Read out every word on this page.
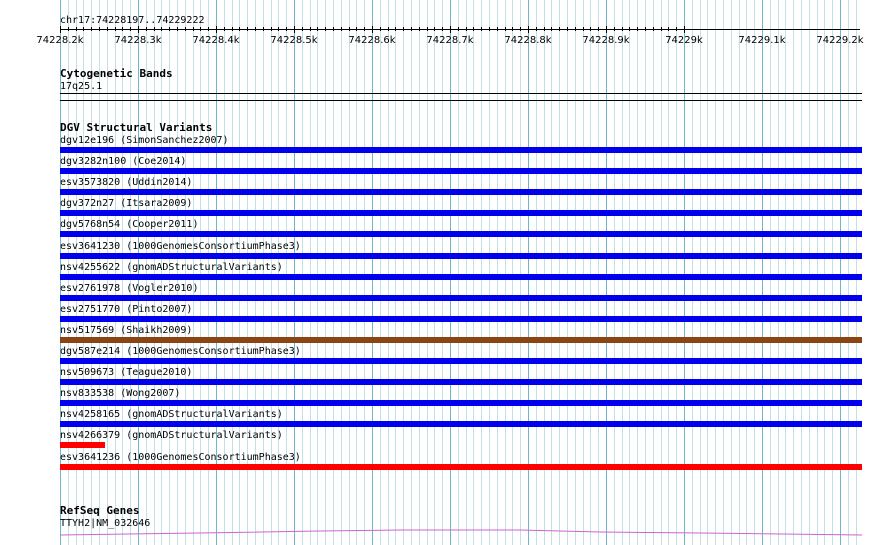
chr17:74228197..74229222
74228.2k	74228.3k	74228.4k	74228.5k	74228.6k	74228.7k	74228.8k	74228.9k	74229k	74229.1k	74229.2k
Cytogenetic Bands
17q25.1
DGV Structural Variants
dgv12e196 (SimonSanchez2007)
dgv3282n100 (Coe2014)
esv3573820 (Uddin2014)
dgv372n27 (Itsara2009)
dgv5768n54 (Cooper2011)
esv3641230 (1000GenomesConsortiumPhase3)
nsv4255622 (gnomADStructuralVariants)
esv2761978 (Vogler2010)
esv2751770 (Pinto2007)
nsv517569 (Shaikh2009)
dgv587e214 (1000GenomesConsortiumPhase3)
nsv509673 (Teague2010)
nsv833538 (Wong2007)
nsv4258165 (gnomADStructuralVariants)
nsv4266379 (gnomADStructuralVariants)
esv3641236 (1000GenomesConsortiumPhase3)
RefSeq Genes
TTYH2|NM_032646
